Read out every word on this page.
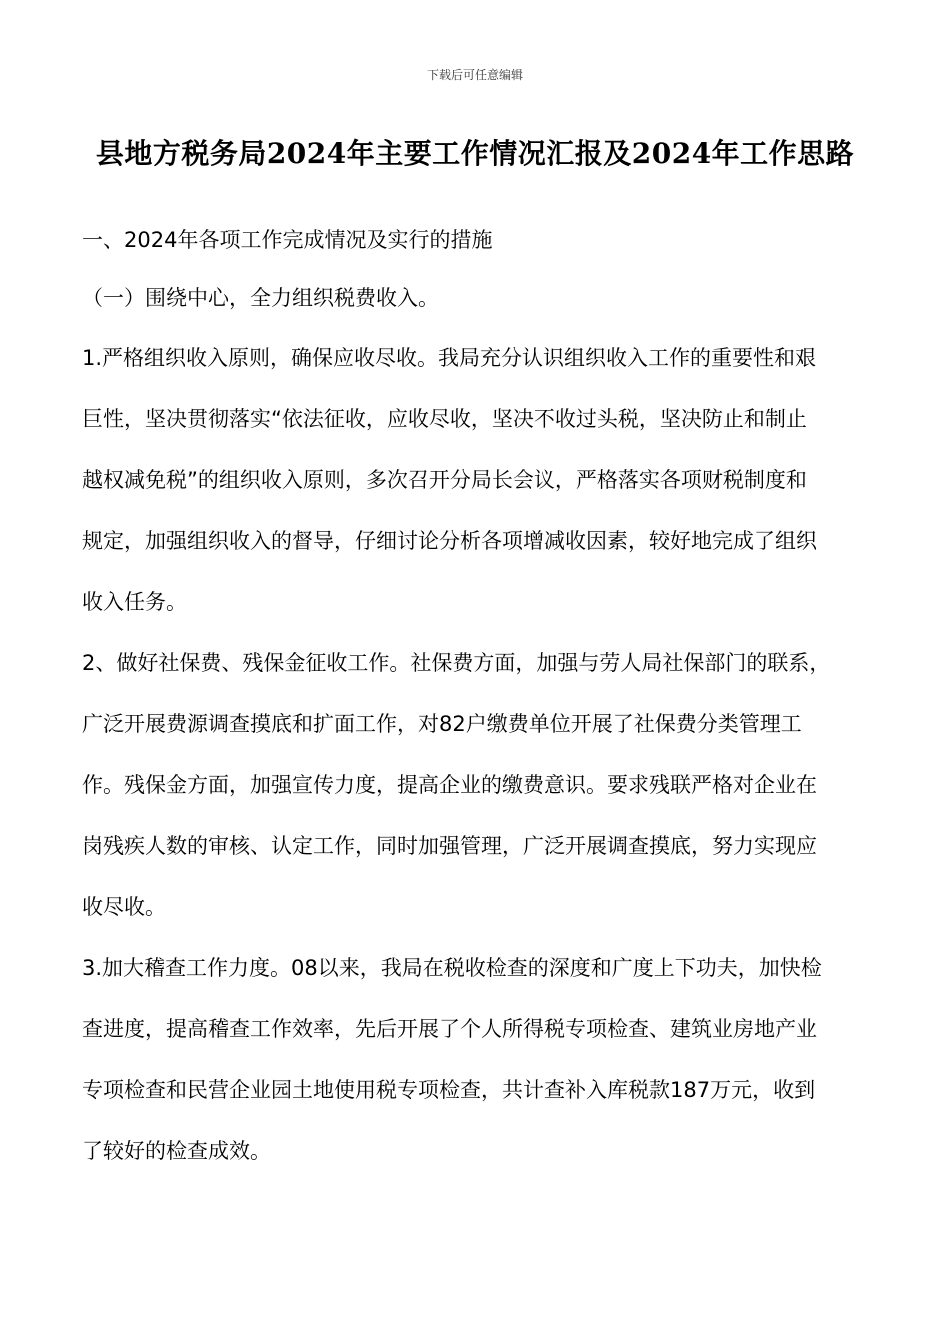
下载后可任意编辑
县地方税务局2024年主要工作情况汇报及2024年工作思路
一、2024年各项工作完成情况及实行的措施
（一）围绕中心，全力组织税费收入。
1.严格组织收入原则，确保应收尽收。我局充分认识组织收入工作的重要性和艰
巨性，坚决贯彻落实“依法征收，应收尽收，坚决不收过头税，坚决防止和制止
越权减免税”的组织收入原则，多次召开分局长会议，严格落实各项财税制度和
规定，加强组织收入的督导，仔细讨论分析各项增减收因素，较好地完成了组织
收入任务。
2、做好社保费、残保金征收工作。社保费方面，加强与劳人局社保部门的联系，
广泛开展费源调查摸底和扩面工作，对82户缴费单位开展了社保费分类管理工
作。残保金方面，加强宣传力度，提高企业的缴费意识。要求残联严格对企业在
岗残疾人数的审核、认定工作，同时加强管理，广泛开展调查摸底，努力实现应
收尽收。
3.加大稽查工作力度。08以来，我局在税收检查的深度和广度上下功夫，加快检
查进度，提高稽查工作效率，先后开展了个人所得税专项检查、建筑业房地产业
专项检查和民营企业园土地使用税专项检查，共计查补入库税款187万元，收到
了较好的检查成效。
